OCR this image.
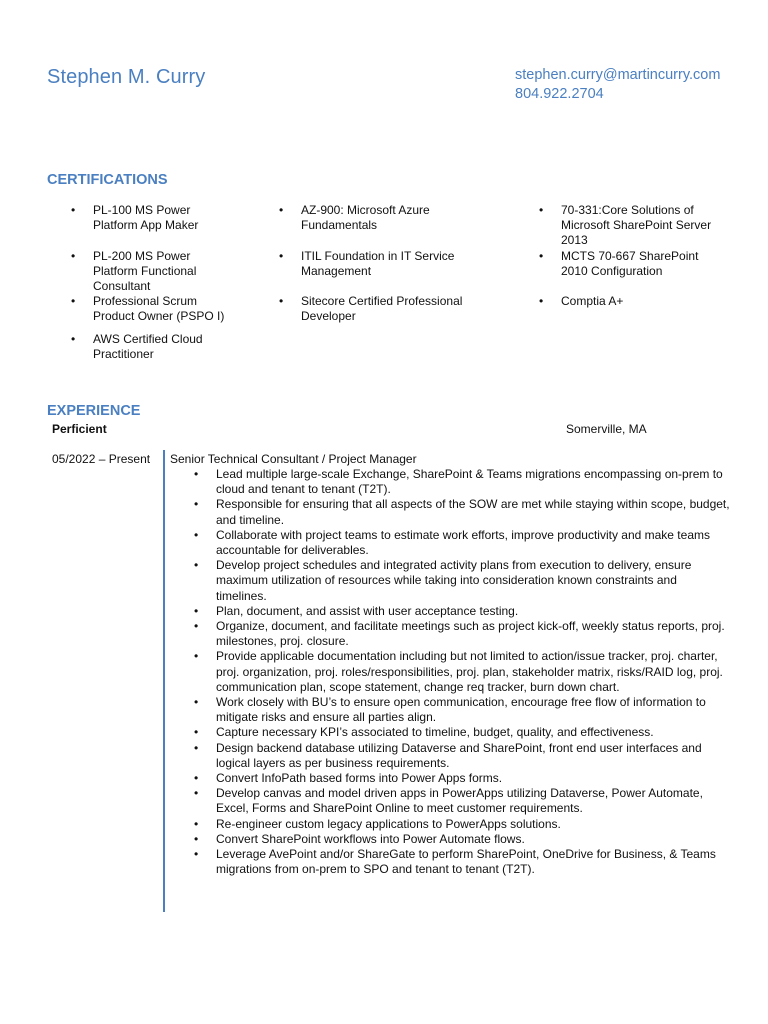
Stephen M. Curry	stephen.curry@martincurry.com
804.922.2704
CERTIFICATIONS
• PL-100 MS Power Platform App Maker
• PL-200 MS Power Platform Functional Consultant
• Professional Scrum Product Owner (PSPO I)
• AWS Certified Cloud Practitioner
• AZ-900: Microsoft Azure Fundamentals
• ITIL Foundation in IT Service Management
• Sitecore Certified Professional Developer
• 70-331:Core Solutions of Microsoft SharePoint Server 2013
• MCTS 70-667 SharePoint 2010 Configuration
• Comptia A+
EXPERIENCE
Perficient	Somerville, MA
05/2022 – Present Senior Technical Consultant / Project Manager
• Lead multiple large-scale Exchange, SharePoint & Teams migrations encompassing on-prem to cloud and tenant to tenant (T2T).
• Responsible for ensuring that all aspects of the SOW are met while staying within scope, budget, and timeline.
• Collaborate with project teams to estimate work efforts, improve productivity and make teams accountable for deliverables.
• Develop project schedules and integrated activity plans from execution to delivery, ensure maximum utilization of resources while taking into consideration known constraints and timelines.
• Plan, document, and assist with user acceptance testing.
• Organize, document, and facilitate meetings such as project kick-off, weekly status reports, proj. milestones, proj. closure.
• Provide applicable documentation including but not limited to action/issue tracker, proj. charter, proj. organization, proj. roles/responsibilities, proj. plan, stakeholder matrix, risks/RAID log, proj. communication plan, scope statement, change req tracker, burn down chart.
• Work closely with BU’s to ensure open communication, encourage free flow of information to mitigate risks and ensure all parties align.
• Capture necessary KPI’s associated to timeline, budget, quality, and effectiveness.
• Design backend database utilizing Dataverse and SharePoint, front end user interfaces and logical layers as per business requirements.
• Convert InfoPath based forms into Power Apps forms.
• Develop canvas and model driven apps in PowerApps utilizing Dataverse, Power Automate, Excel, Forms and SharePoint Online to meet customer requirements.
• Re-engineer custom legacy applications to PowerApps solutions.
• Convert SharePoint workflows into Power Automate flows.
• Leverage AvePoint and/or ShareGate to perform SharePoint, OneDrive for Business, & Teams migrations from on-prem to SPO and tenant to tenant (T2T).
